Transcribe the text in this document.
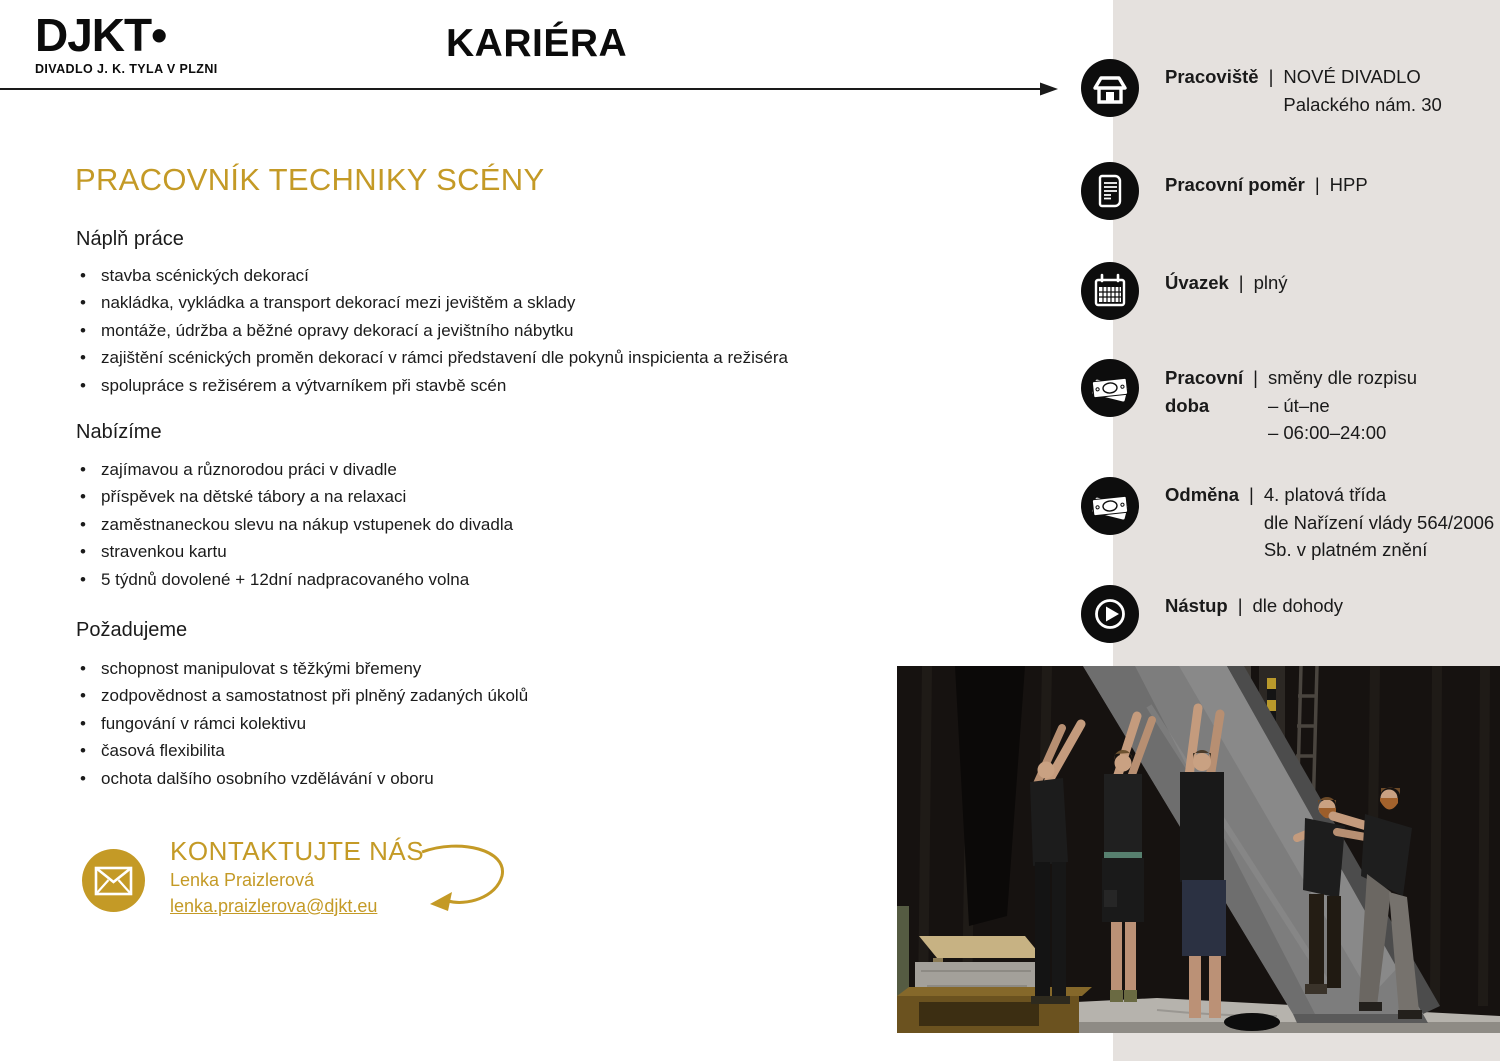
DJKT•
DIVADLO J. K. TYLA V PLZNI
KARIÉRA
PRACOVNÍK TECHNIKY SCÉNY
Náplň práce
• stavba scénických dekorací
• nakládka, vykládka a transport dekorací mezi jevištěm a sklady
• montáže, údržba a běžné opravy dekorací a jevištního nábytku
• zajištění scénických proměn dekorací v rámci představení dle pokynů inspicienta a režiséra
• spolupráce s režisérem a výtvarníkem při stavbě scén
Nabízíme
• zajímavou a různorodou práci v divadle
• příspěvek na dětské tábory a na relaxaci
• zaměstnaneckou slevu na nákup vstupenek do divadla
• stravenkou kartu
• 5 týdnů dovolené + 12dní nadpracovaného volna
Požadujeme
• schopnost manipulovat s těžkými břemeny
• zodpovědnost a samostatnost při plněný zadaných úkolů
• fungování v rámci kolektivu
• časová flexibilita
• ochota dalšího osobního vzdělávání v oboru
KONTAKTUJTE NÁS
Lenka Praizlerová
lenka.praizlerova@djkt.eu
Pracoviště | NOVÉ DIVADLO
Palackého nám. 30
Pracovní poměr | HPP
Úvazek | plný
Pracovní
doba
| směny dle rozpisu
– út–ne
– 06:00–24:00
Odměna | 4. platová třída
dle Nařízení vlády 564/2006
Sb. v platném znění
Nástup | dle dohody
